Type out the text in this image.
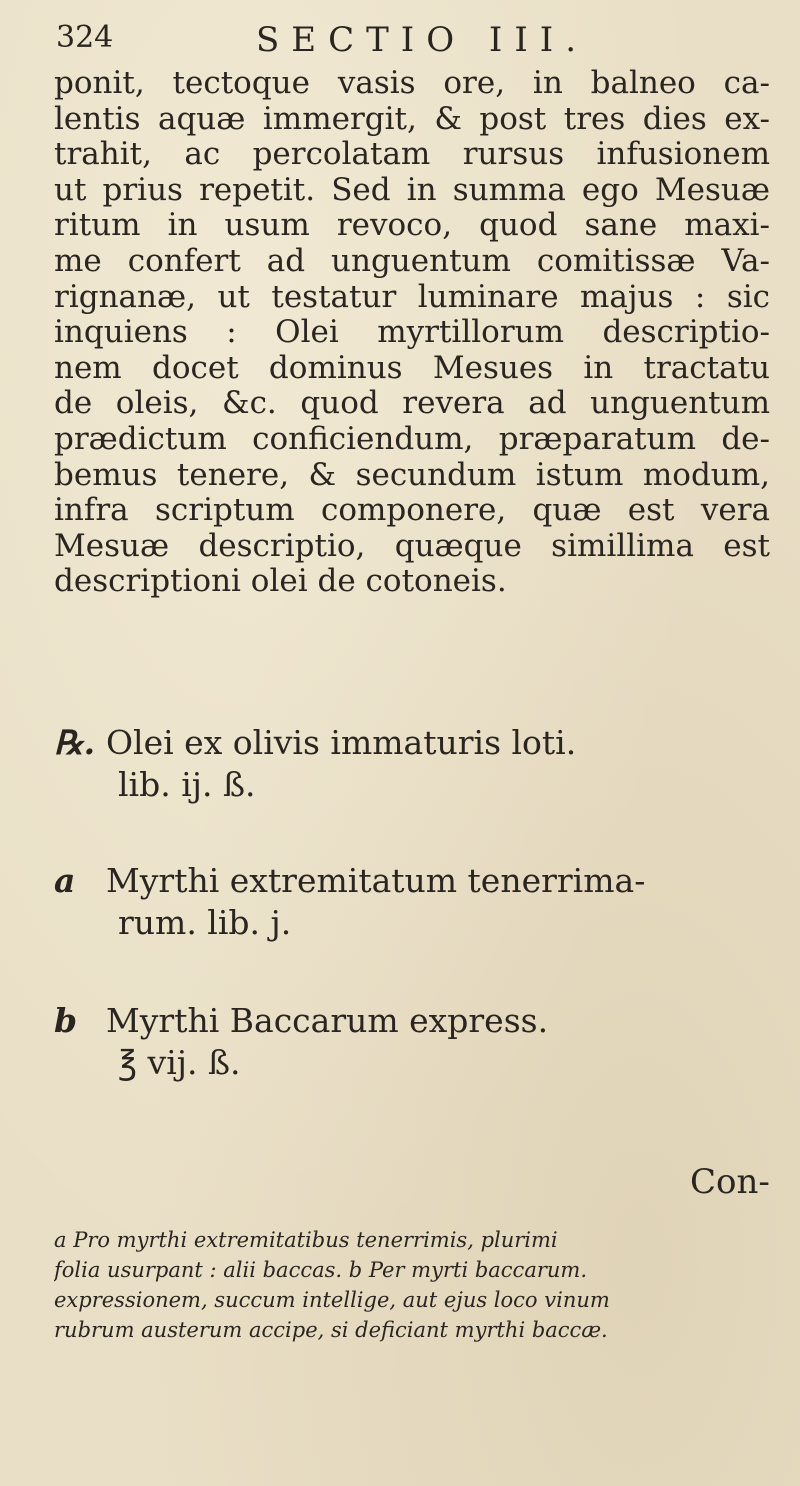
324	SECTIO III.
ponit, tectoque vasis ore, in balneo ca-
lentis aquæ immergit, & post tres dies ex-
trahit, ac percolatam rursus infusionem
ut prius repetit. Sed in summa ego Mesuæ
ritum in usum revoco, quod sane maxi-
me confert ad unguentum comitissæ Va-
rignanæ, ut testatur luminare majus : sic
inquiens : Olei myrtillorum descriptio-
nem docet dominus Mesues in tractatu
de oleis, &c. quod revera ad unguentum
prædictum conficiendum, præparatum de-
bemus tenere, & secundum istum modum,
infra scriptum componere, quæ est vera
Mesuæ descriptio, quæque simillima est
descriptioni olei de cotoneis.
℞. Olei ex olivis immaturis loti.
lib. ij. ß.
a Myrthi extremitatum tenerrima-
rum. lib. j.
b Myrthi Baccarum express.
℥ vij. ß.
Con-
a Pro myrthi extremitatibus tenerrimis, plurimi
folia usurpant : alii baccas. b Per myrti baccarum.
expressionem, succum intellige, aut ejus loco vinum
rubrum austerum accipe, si deficiant myrthi baccæ.
